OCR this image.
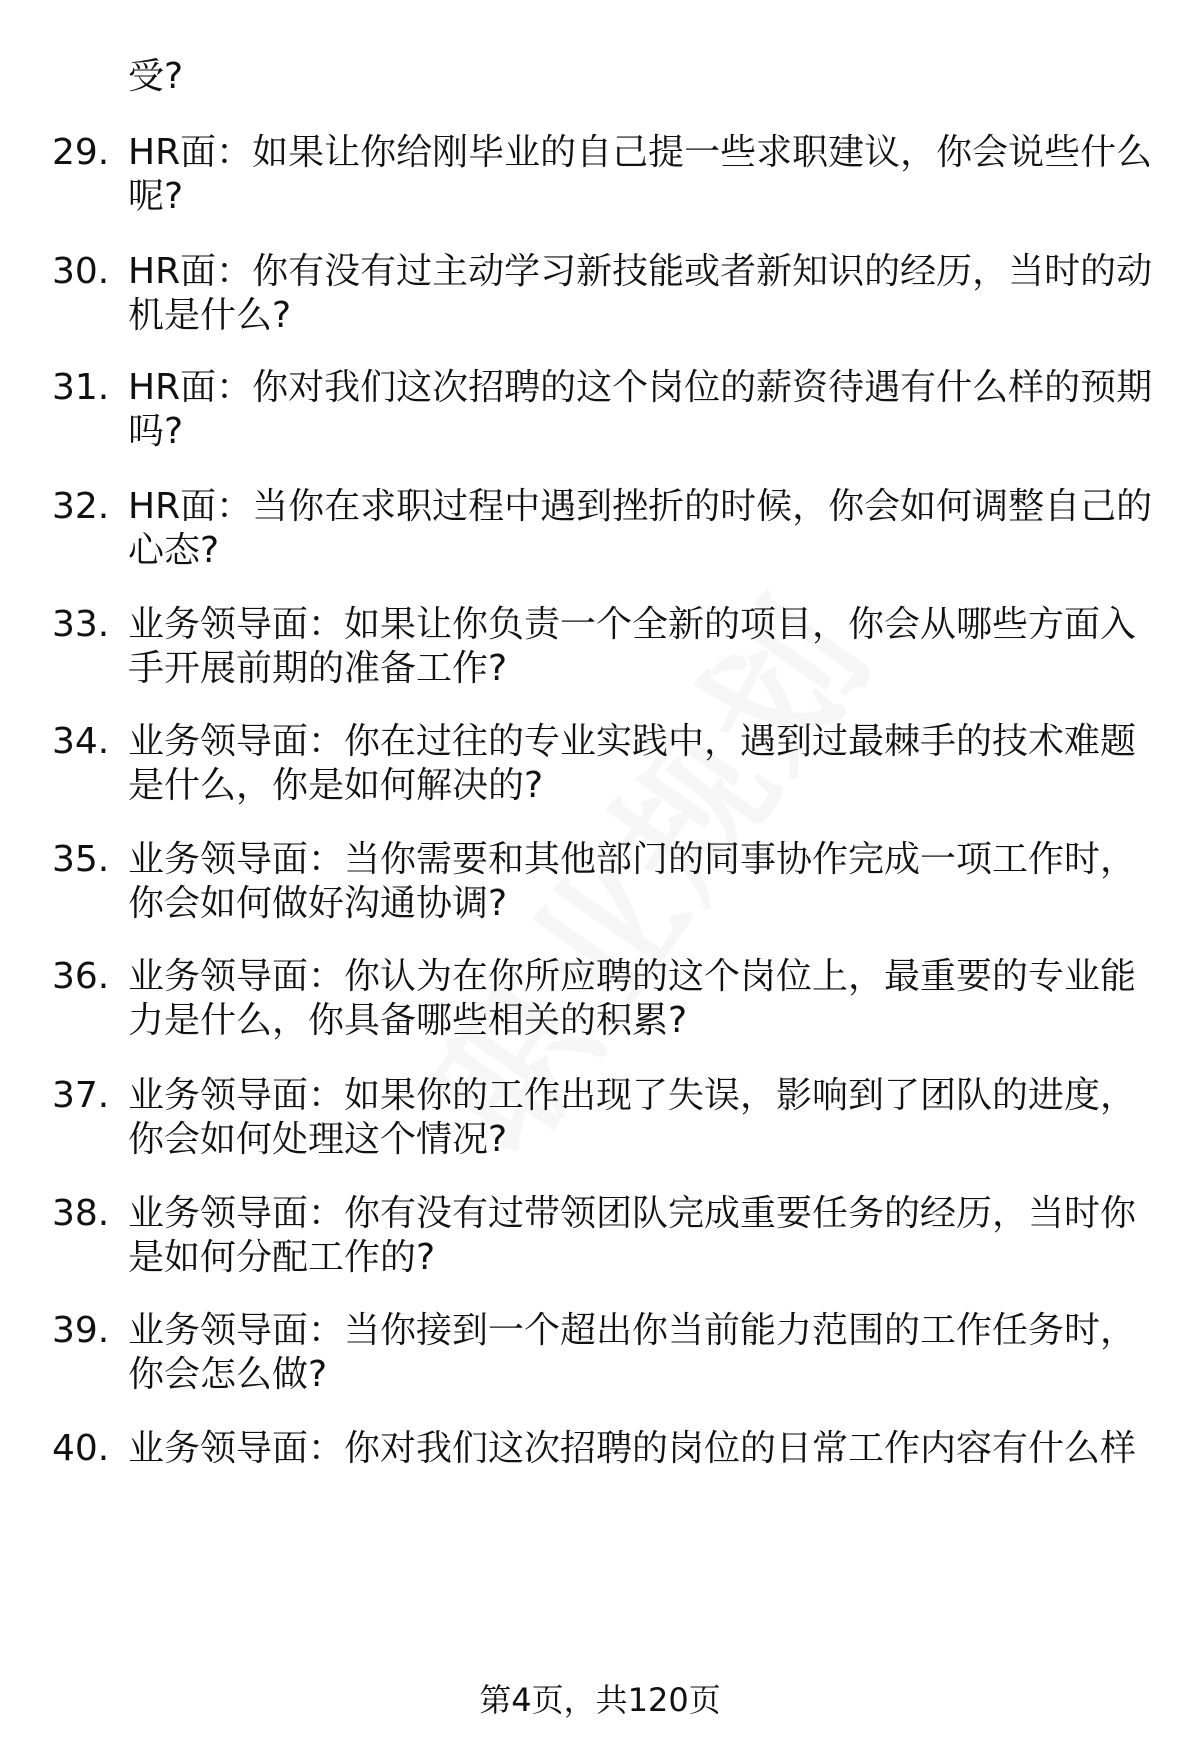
受?
29. HR面：如果让你给刚毕业的自己提一些求职建议，你会说些什么
呢?
30. HR面：你有没有过主动学习新技能或者新知识的经历，当时的动
机是什么?
31. HR面：你对我们这次招聘的这个岗位的薪资待遇有什么样的预期
吗?
32. HR面：当你在求职过程中遇到挫折的时候，你会如何调整自己的
心态?
33. 业务领导面：如果让你负责一个全新的项目，你会从哪些方面入
手开展前期的准备工作?
34. 业务领导面：你在过往的专业实践中，遇到过最棘手的技术难题
是什么，你是如何解决的?
35. 业务领导面：当你需要和其他部门的同事协作完成一项工作时，
你会如何做好沟通协调?
36. 业务领导面：你认为在你所应聘的这个岗位上，最重要的专业能
力是什么，你具备哪些相关的积累?
37. 业务领导面：如果你的工作出现了失误，影响到了团队的进度，
你会如何处理这个情况?
38. 业务领导面：你有没有过带领团队完成重要任务的经历，当时你
是如何分配工作的?
39. 业务领导面：当你接到一个超出你当前能力范围的工作任务时，
你会怎么做?
40. 业务领导面：你对我们这次招聘的岗位的日常工作内容有什么样
第4页，共120页
